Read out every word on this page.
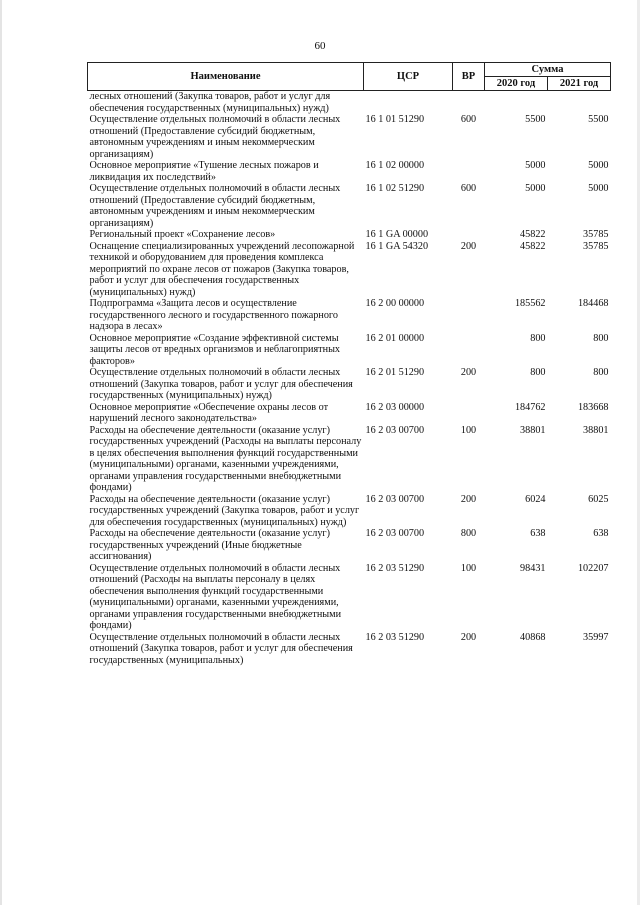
60
Наименование	ЦСР	ВР	Сумма	
			2020 год	2021 год
лесных отношений (Закупка товаров, работ и услуг для обеспечения государственных (муниципальных) нужд)				
Осуществление отдельных полномочий в области лесных отношений (Предоставление субсидий бюджетным, автономным учреждениям и иным некоммерческим организациям)	16 1 01 51290	600	5500	5500
Основное мероприятие «Тушение лесных пожаров и ликвидация их последствий»	16 1 02 00000		5000	5000
Осуществление отдельных полномочий в области лесных отношений (Предоставление субсидий бюджетным, автономным учреждениям и иным некоммерческим организациям)	16 1 02 51290	600	5000	5000
Региональный проект «Сохранение лесов»	16 1 GA 00000		45822	35785
Оснащение специализированных учреждений лесопожарной техникой и оборудованием для проведения комплекса мероприятий по охране лесов от пожаров (Закупка товаров, работ и услуг для обеспечения государственных (муниципальных) нужд)	16 1 GA 54320	200	45822	35785
Подпрограмма «Защита лесов и осуществление государственного лесного и государственного пожарного надзора в лесах»	16 2 00 00000		185562	184468
Основное мероприятие «Создание эффективной системы защиты лесов от вредных организмов и неблагоприятных факторов»	16 2 01 00000		800	800
Осуществление отдельных полномочий в области лесных отношений (Закупка товаров, работ и услуг для обеспечения государственных (муниципальных) нужд)	16 2 01 51290	200	800	800
Основное мероприятие «Обеспечение охраны лесов от нарушений лесного законодательства»	16 2 03 00000		184762	183668
Расходы на обеспечение деятельности (оказание услуг) государственных учреждений (Расходы на выплаты персоналу в целях обеспечения выполнения функций государственными (муниципальными) органами, казенными учреждениями, органами управления государственными внебюджетными фондами)	16 2 03 00700	100	38801	38801
Расходы на обеспечение деятельности (оказание услуг) государственных учреждений (Закупка товаров, работ и услуг для обеспечения государственных (муниципальных) нужд)	16 2 03 00700	200	6024	6025
Расходы на обеспечение деятельности (оказание услуг) государственных учреждений (Иные бюджетные ассигнования)	16 2 03 00700	800	638	638
Осуществление отдельных полномочий в области лесных отношений (Расходы на выплаты персоналу в целях обеспечения выполнения функций государственными (муниципальными) органами, казенными учреждениями, органами управления государственными внебюджетными фондами)	16 2 03 51290	100	98431	102207
Осуществление отдельных полномочий в области лесных отношений (Закупка товаров, работ и услуг для обеспечения государственных (муниципальных)	16 2 03 51290	200	40868	35997
